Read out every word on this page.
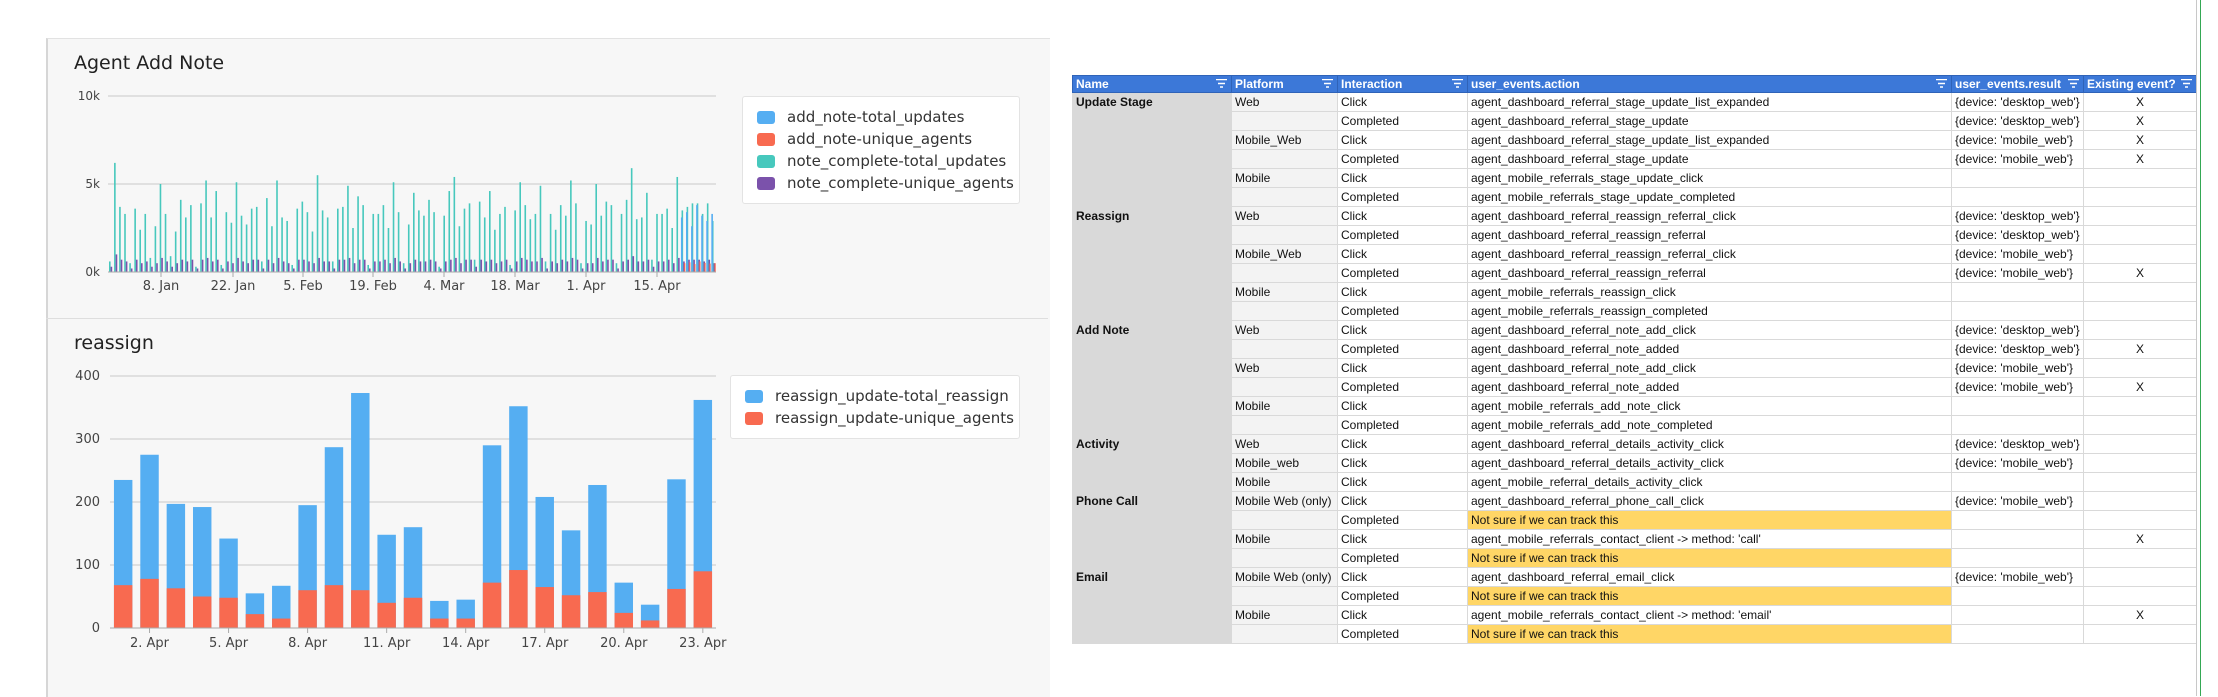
Agent Add Note
10k
5k
0k
8. Jan 22. Jan 5. Feb 19. Feb 4. Mar 18. Mar 1. Apr 15. Apr
add_note-total_updates
add_note-unique_agents
note_complete-total_updates
note_complete-unique_agents
reassign
400
300
200
100
0
2. Apr	5. Apr	8. Apr	11. Apr 14. Apr 17. Apr 20. Apr 23. Apr
reassign_update-total_reassign
reassign_update-unique_agents
Name	Platform	Interaction	user_events.action	user_events.result	Existing event?

Update Stage	Web	Click	agent_dashboard_referral_stage_update_list_expanded	{device: 'desktop_web'}	X
		Completed	agent_dashboard_referral_stage_update	{device: 'desktop_web'}	X
	Mobile_Web	Click	agent_dashboard_referral_stage_update_list_expanded	{device: 'mobile_web'}	X
		Completed	agent_dashboard_referral_stage_update	{device: 'mobile_web'}	X
	Mobile	Click	agent_mobile_referrals_stage_update_click		
		Completed	agent_mobile_referrals_stage_update_completed		
Reassign	Web	Click	agent_dashboard_referral_reassign_referral_click	{device: 'desktop_web'}	
		Completed	agent_dashboard_referral_reassign_referral	{device: 'desktop_web'}	
	Mobile_Web	Click	agent_dashboard_referral_reassign_referral_click	{device: 'mobile_web'}	
		Completed	agent_dashboard_referral_reassign_referral	{device: 'mobile_web'}	X
	Mobile	Click	agent_mobile_referrals_reassign_click		
		Completed	agent_mobile_referrals_reassign_completed		
Add Note	Web	Click	agent_dashboard_referral_note_add_click	{device: 'desktop_web'}	
		Completed	agent_dashboard_referral_note_added	{device: 'desktop_web'}	X
	Web	Click	agent_dashboard_referral_note_add_click	{device: 'mobile_web'}	
		Completed	agent_dashboard_referral_note_added	{device: 'mobile_web'}	X
	Mobile	Click	agent_mobile_referrals_add_note_click		
		Completed	agent_mobile_referrals_add_note_completed		
Activity	Web	Click	agent_dashboard_referral_details_activity_click	{device: 'desktop_web'}	
	Mobile_web	Click	agent_dashboard_referral_details_activity_click	{device: 'mobile_web'}	
	Mobile	Click	agent_mobile_referral_details_activity_click		
Phone Call	Mobile Web (only)	Click	agent_dashboard_referral_phone_call_click	{device: 'mobile_web'}	
		Completed	Not sure if we can track this		
	Mobile	Click	agent_mobile_referrals_contact_client -> method: 'call'		X
		Completed	Not sure if we can track this		
Email	Mobile Web (only)	Click	agent_dashboard_referral_email_click	{device: 'mobile_web'}	
		Completed	Not sure if we can track this		
	Mobile	Click	agent_mobile_referrals_contact_client -> method: 'email'		X
		Completed	Not sure if we can track this		
